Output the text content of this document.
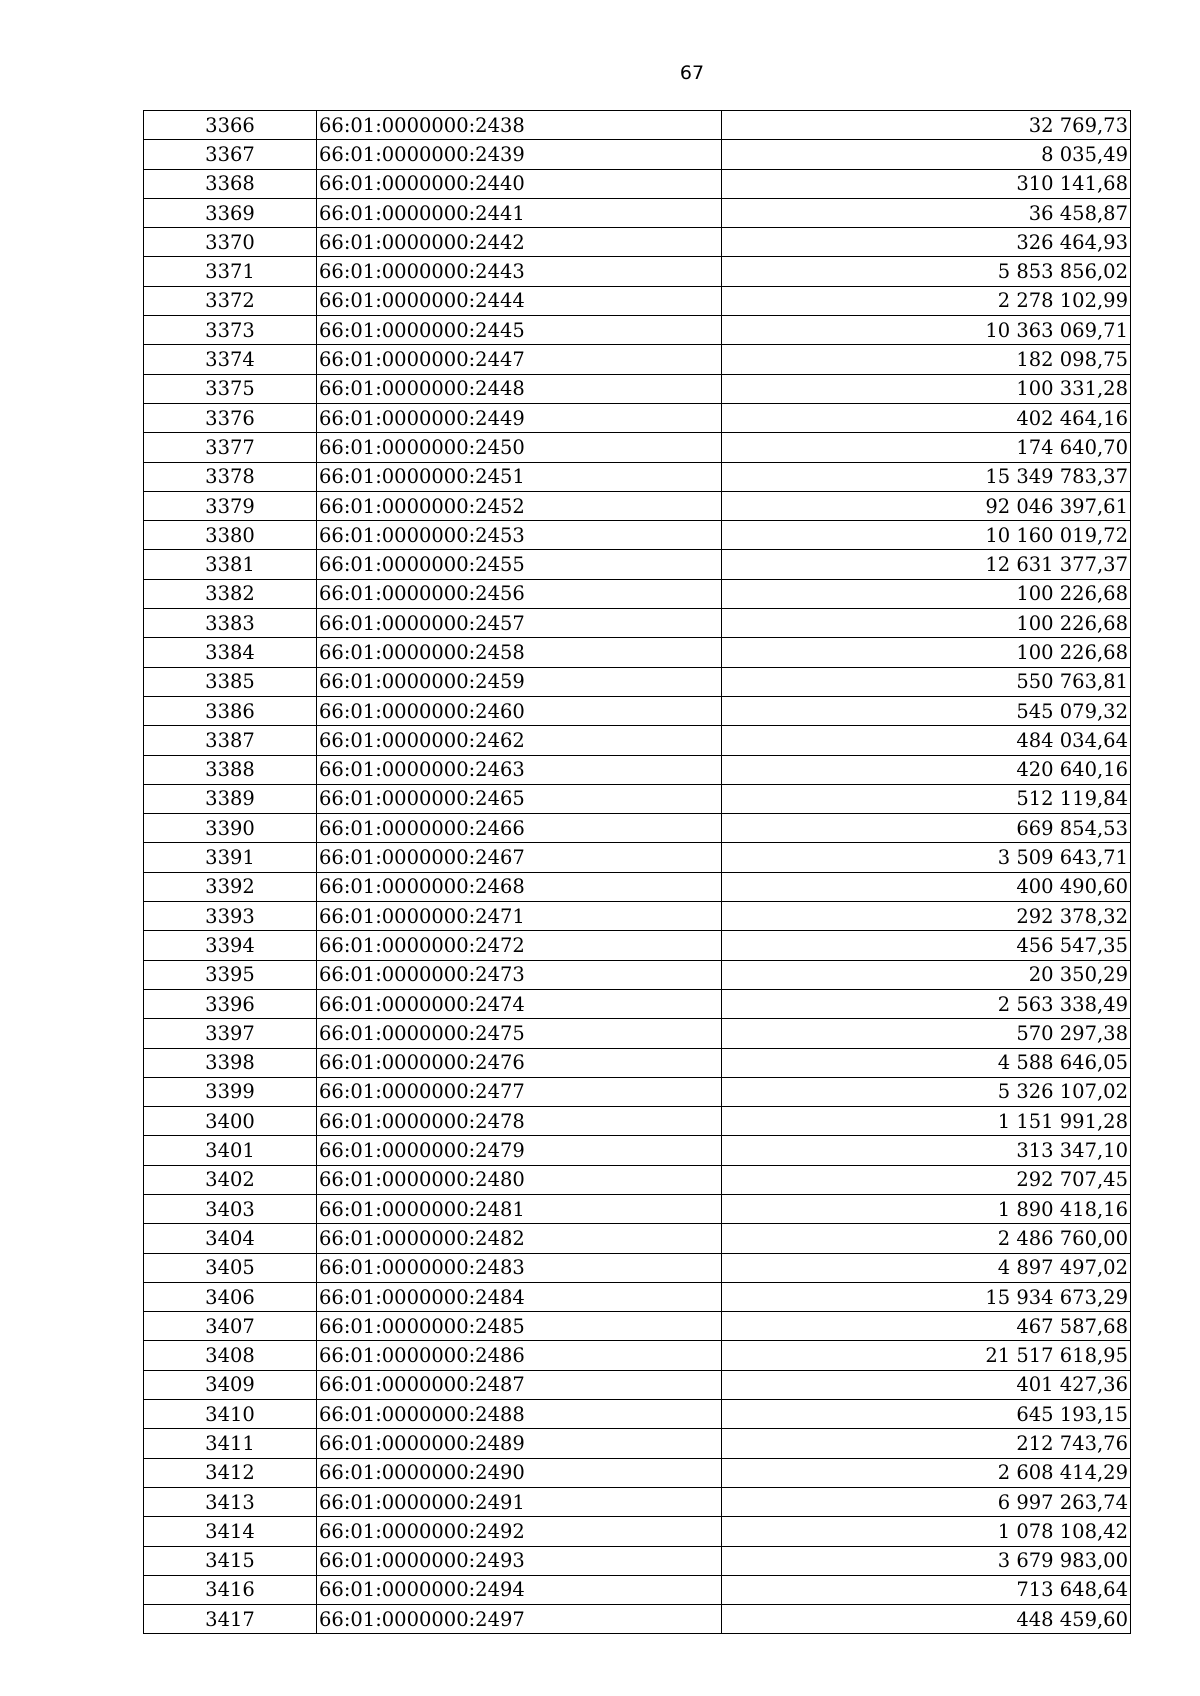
67
3366	66:01:0000000:2438	32 769,73
3367	66:01:0000000:2439	8 035,49
3368	66:01:0000000:2440	310 141,68
3369	66:01:0000000:2441	36 458,87
3370	66:01:0000000:2442	326 464,93
3371	66:01:0000000:2443	5 853 856,02
3372	66:01:0000000:2444	2 278 102,99
3373	66:01:0000000:2445	10 363 069,71
3374	66:01:0000000:2447	182 098,75
3375	66:01:0000000:2448	100 331,28
3376	66:01:0000000:2449	402 464,16
3377	66:01:0000000:2450	174 640,70
3378	66:01:0000000:2451	15 349 783,37
3379	66:01:0000000:2452	92 046 397,61
3380	66:01:0000000:2453	10 160 019,72
3381	66:01:0000000:2455	12 631 377,37
3382	66:01:0000000:2456	100 226,68
3383	66:01:0000000:2457	100 226,68
3384	66:01:0000000:2458	100 226,68
3385	66:01:0000000:2459	550 763,81
3386	66:01:0000000:2460	545 079,32
3387	66:01:0000000:2462	484 034,64
3388	66:01:0000000:2463	420 640,16
3389	66:01:0000000:2465	512 119,84
3390	66:01:0000000:2466	669 854,53
3391	66:01:0000000:2467	3 509 643,71
3392	66:01:0000000:2468	400 490,60
3393	66:01:0000000:2471	292 378,32
3394	66:01:0000000:2472	456 547,35
3395	66:01:0000000:2473	20 350,29
3396	66:01:0000000:2474	2 563 338,49
3397	66:01:0000000:2475	570 297,38
3398	66:01:0000000:2476	4 588 646,05
3399	66:01:0000000:2477	5 326 107,02
3400	66:01:0000000:2478	1 151 991,28
3401	66:01:0000000:2479	313 347,10
3402	66:01:0000000:2480	292 707,45
3403	66:01:0000000:2481	1 890 418,16
3404	66:01:0000000:2482	2 486 760,00
3405	66:01:0000000:2483	4 897 497,02
3406	66:01:0000000:2484	15 934 673,29
3407	66:01:0000000:2485	467 587,68
3408	66:01:0000000:2486	21 517 618,95
3409	66:01:0000000:2487	401 427,36
3410	66:01:0000000:2488	645 193,15
3411	66:01:0000000:2489	212 743,76
3412	66:01:0000000:2490	2 608 414,29
3413	66:01:0000000:2491	6 997 263,74
3414	66:01:0000000:2492	1 078 108,42
3415	66:01:0000000:2493	3 679 983,00
3416	66:01:0000000:2494	713 648,64
3417	66:01:0000000:2497	448 459,60
